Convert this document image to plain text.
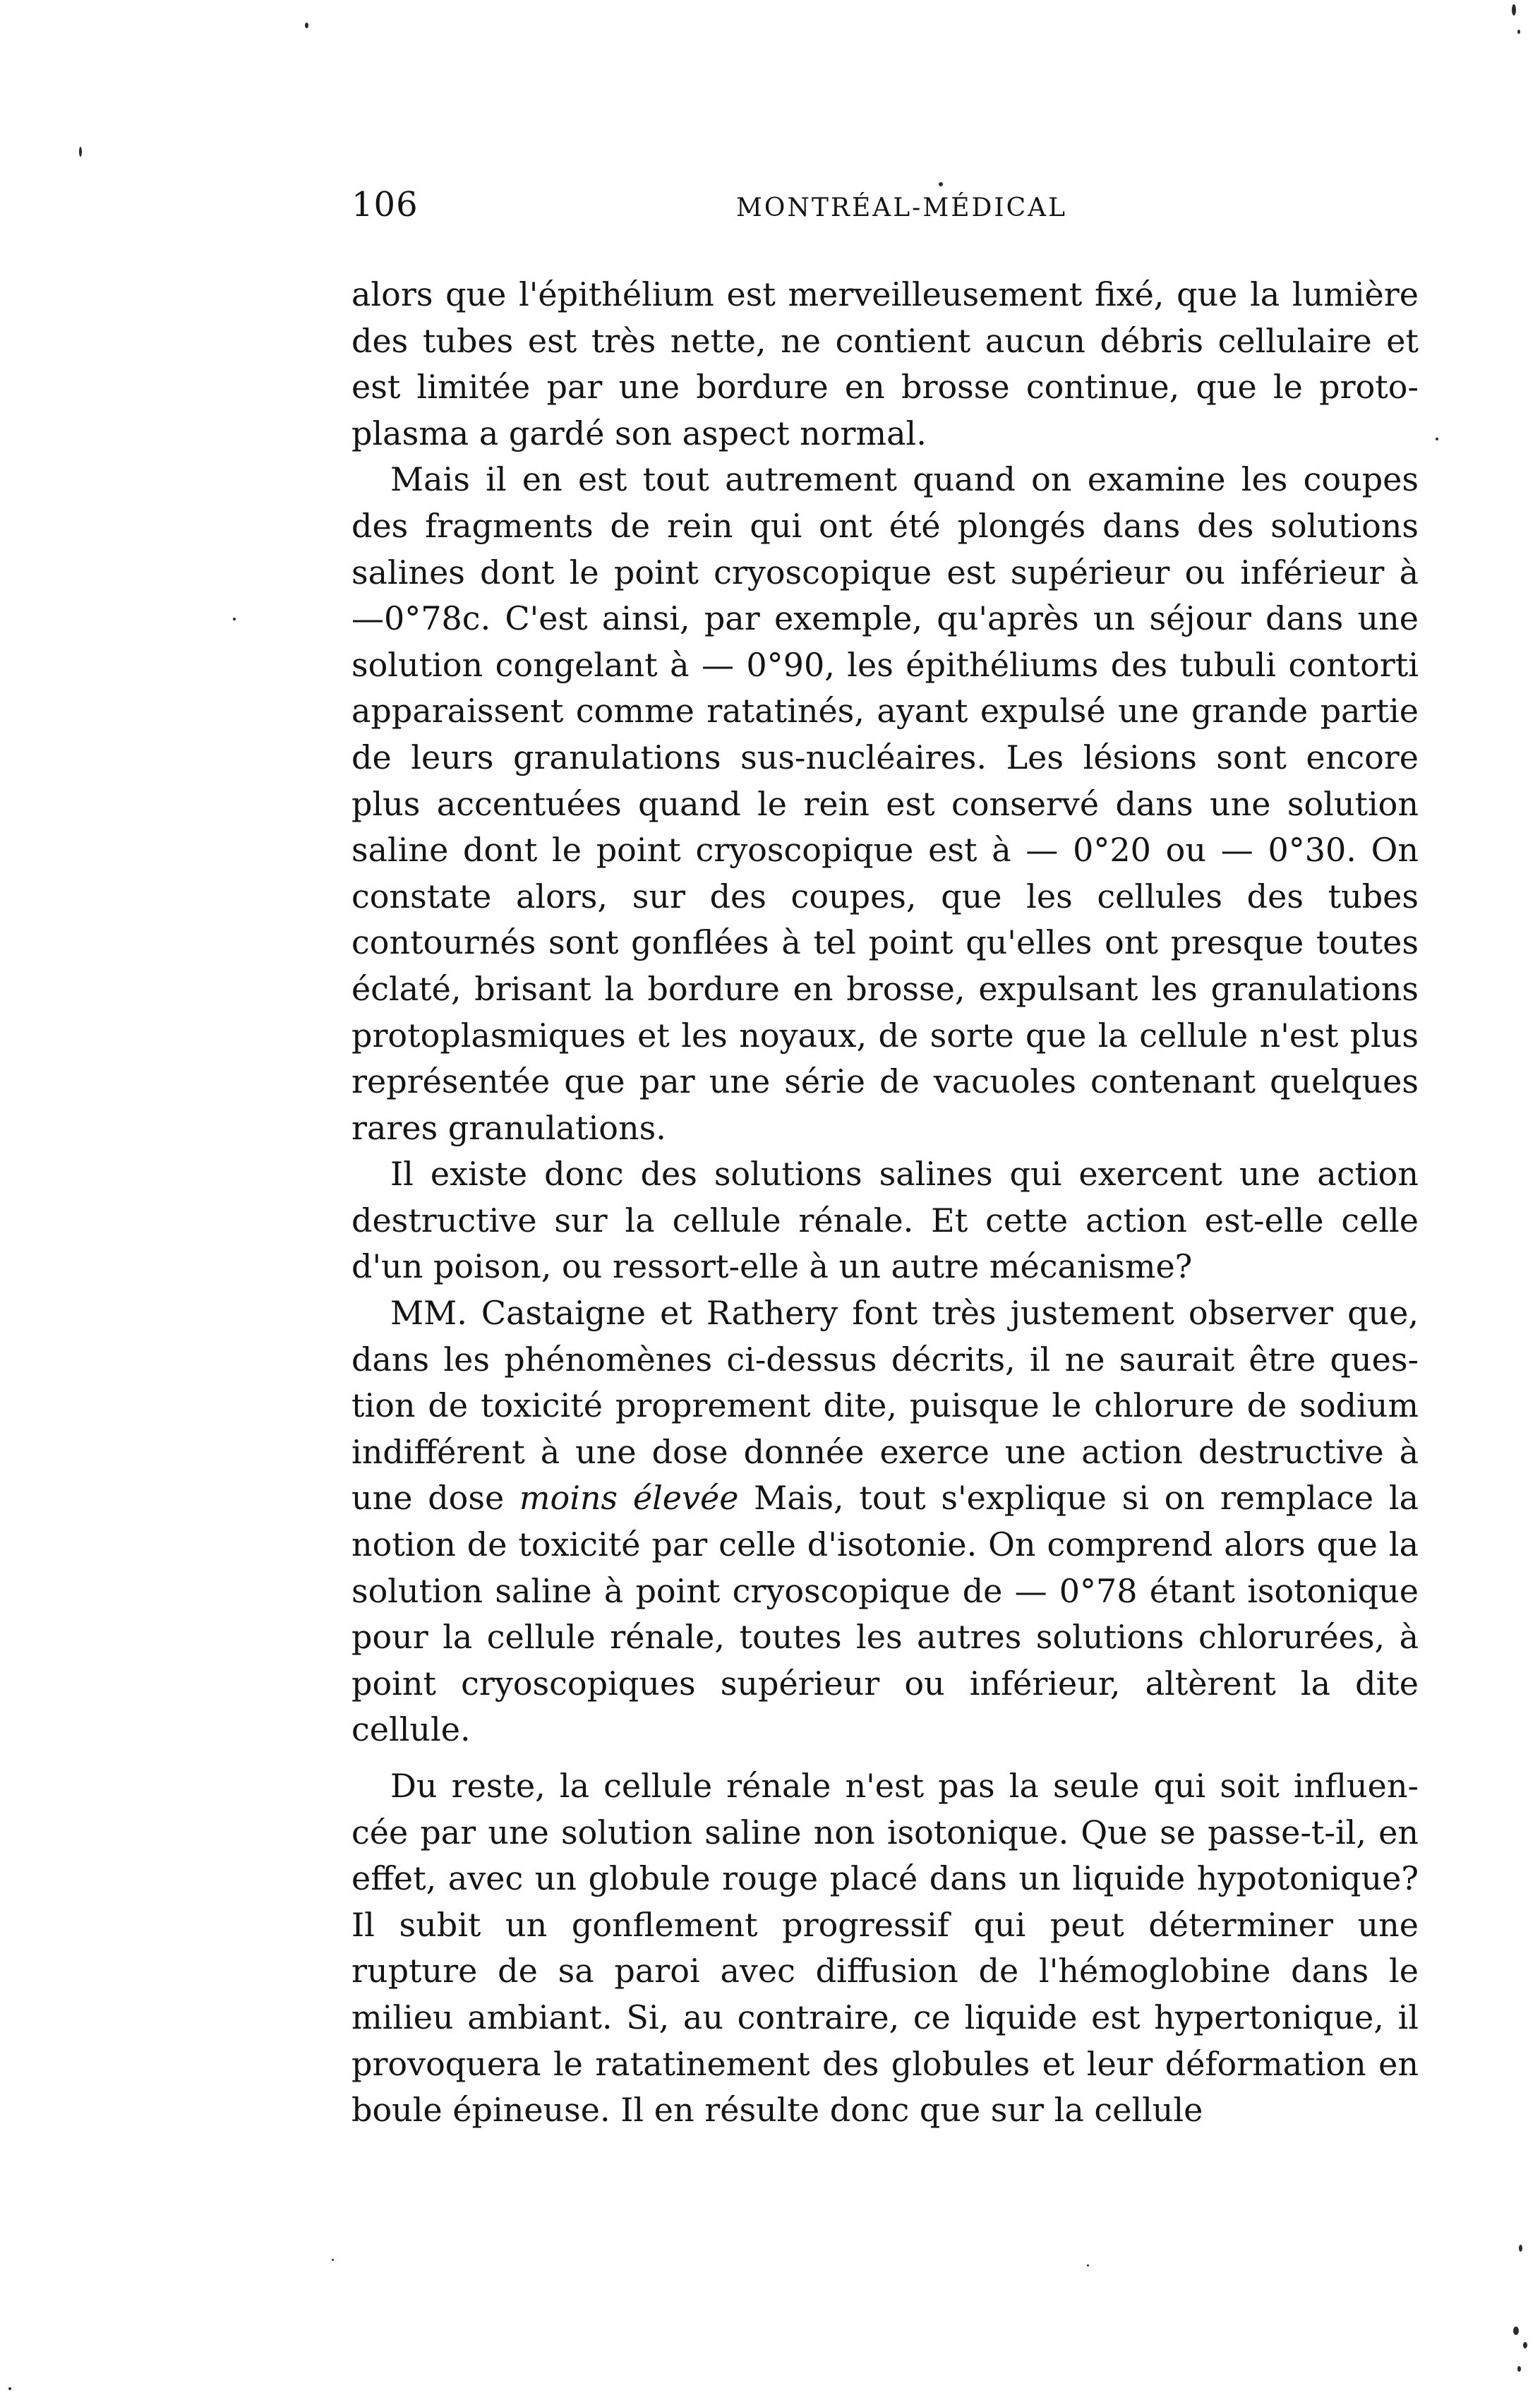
106	MONTRÉAL-MÉDICAL

alors que l'épithélium est merveilleusement fixé, que la lumière des tubes est très nette, ne contient aucun débris cellulaire et est limitée par une bordure en brosse continue, que le protoplasma a gardé son aspect normal.

Mais il en est tout autrement quand on examine les coupes des fragments de rein qui ont été plongés dans des solutions salines dont le point cryoscopique est supérieur ou inférieur à —0°78c. C'est ainsi, par exemple, qu'après un séjour dans une solution congelant à — 0°90, les épithéliums des tubuli contorti apparaissent comme ratatinés, ayant expulsé une grande partie de leurs granulations sus-nucléaires. Les lésions sont encore plus accentuées quand le rein est conservé dans une solution saline dont le point cryoscopique est à — 0°20 ou — 0°30. On constate alors, sur des coupes, que les cellules des tubes contournés sont gonflées à tel point qu'elles ont presque toutes éclaté, brisant la bordure en brosse, expulsant les granulations protoplasmiques et les noyaux, de sorte que la cellule n'est plus représentée que par une série de vacuoles contenant quelques rares granulations.

Il existe donc des solutions salines qui exercent une action destructive sur la cellule rénale. Et cette action est-elle celle d'un poison, ou ressort-elle à un autre mécanisme?

MM. Castaigne et Rathery font très justement observer que, dans les phénomènes ci-dessus décrits, il ne saurait être question de toxicité proprement dite, puisque le chlorure de sodium indifférent à une dose donnée exerce une action destructive à une dose moins élevée Mais, tout s'explique si on remplace la notion de toxicité par celle d'isotonie. On comprend alors que la solution saline à point cryoscopique de — 0°78 étant isotonique pour la cellule rénale, toutes les autres solutions chlorurées, à point cryoscopiques supérieur ou inférieur, altèrent la dite cellule.

Du reste, la cellule rénale n'est pas la seule qui soit influencée par une solution saline non isotonique. Que se passe-t-il, en effet, avec un globule rouge placé dans un liquide hypotonique? Il subit un gonflement progressif qui peut déterminer une rupture de sa paroi avec diffusion de l'hémoglobine dans le milieu ambiant. Si, au contraire, ce liquide est hypertonique, il provoquera le ratatinement des globules et leur déformation en boule épineuse. Il en résulte donc que sur la cellule
